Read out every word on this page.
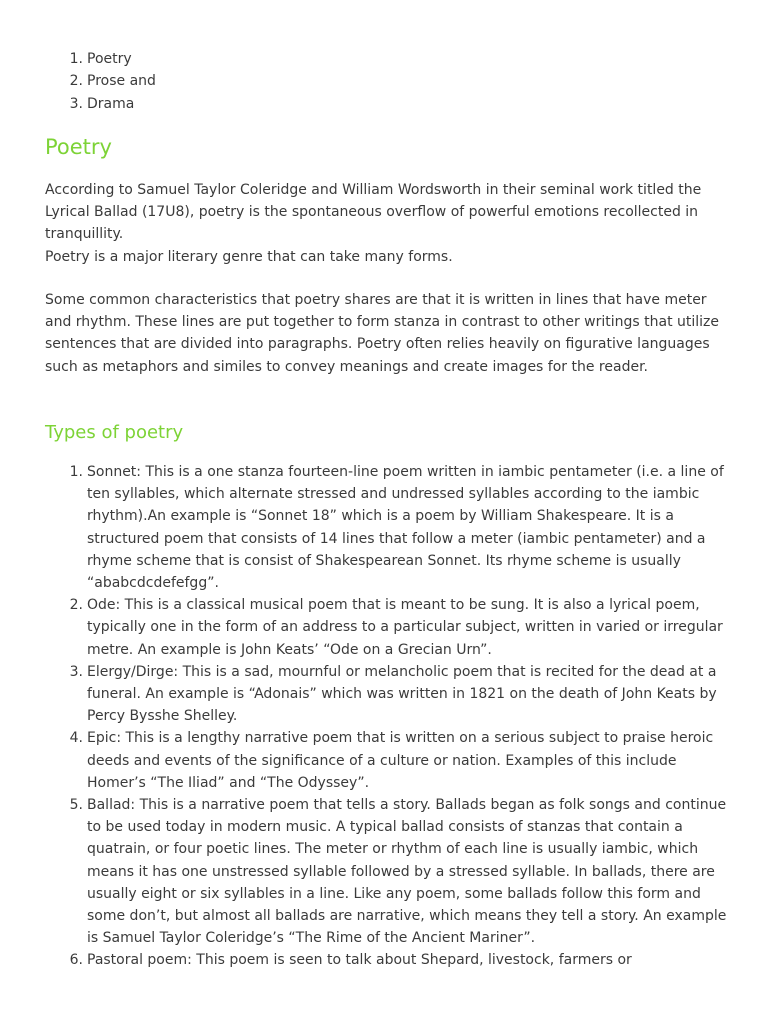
Poetry
Prose and
Drama
Poetry

According to Samuel Taylor Coleridge and William Wordsworth in their seminal work titled the Lyrical Ballad (17U8), poetry is the spontaneous overflow of powerful emotions recollected in tranquillity.
Poetry is a major literary genre that can take many forms.

Some common characteristics that poetry shares are that it is written in lines that have meter and rhythm. These lines are put together to form stanza in contrast to other writings that utilize sentences that are divided into paragraphs. Poetry often relies heavily on figurative languages such as metaphors and similes to convey meanings and create images for the reader.

Types of poetry
Sonnet: This is a one stanza fourteen-line poem written in iambic pentameter (i.e. a line of ten syllables, which alternate stressed and undressed syllables according to the iambic rhythm).An example is “Sonnet 18” which is a poem by William Shakespeare. It is a structured poem that consists of 14 lines that follow a meter (iambic pentameter) and a rhyme scheme that is consist of Shakespearean Sonnet. Its rhyme scheme is usually “ababcdcdefefgg”.
Ode: This is a classical musical poem that is meant to be sung. It is also a lyrical poem, typically one in the form of an address to a particular subject, written in varied or irregular metre. An example is John Keats’ “Ode on a Grecian Urn”.
Elergy/Dirge: This is a sad, mournful or melancholic poem that is recited for the dead at a funeral. An example is “Adonais” which was written in 1821 on the death of John Keats by Percy Bysshe Shelley.
Epic: This is a lengthy narrative poem that is written on a serious subject to praise heroic deeds and events of the significance of a culture or nation. Examples of this include Homer’s “The Iliad” and “The Odyssey”.
Ballad: This is a narrative poem that tells a story. Ballads began as folk songs and continue to be used today in modern music. A typical ballad consists of stanzas that contain a quatrain, or four poetic lines. The meter or rhythm of each line is usually iambic, which means it has one unstressed syllable followed by a stressed syllable. In ballads, there are usually eight or six syllables in a line. Like any poem, some ballads follow this form and some don’t, but almost all ballads are narrative, which means they tell a story. An example is Samuel Taylor Coleridge’s “The Rime of the Ancient Mariner”.
Pastoral poem: This poem is seen to talk about Shepard, livestock, farmers or
